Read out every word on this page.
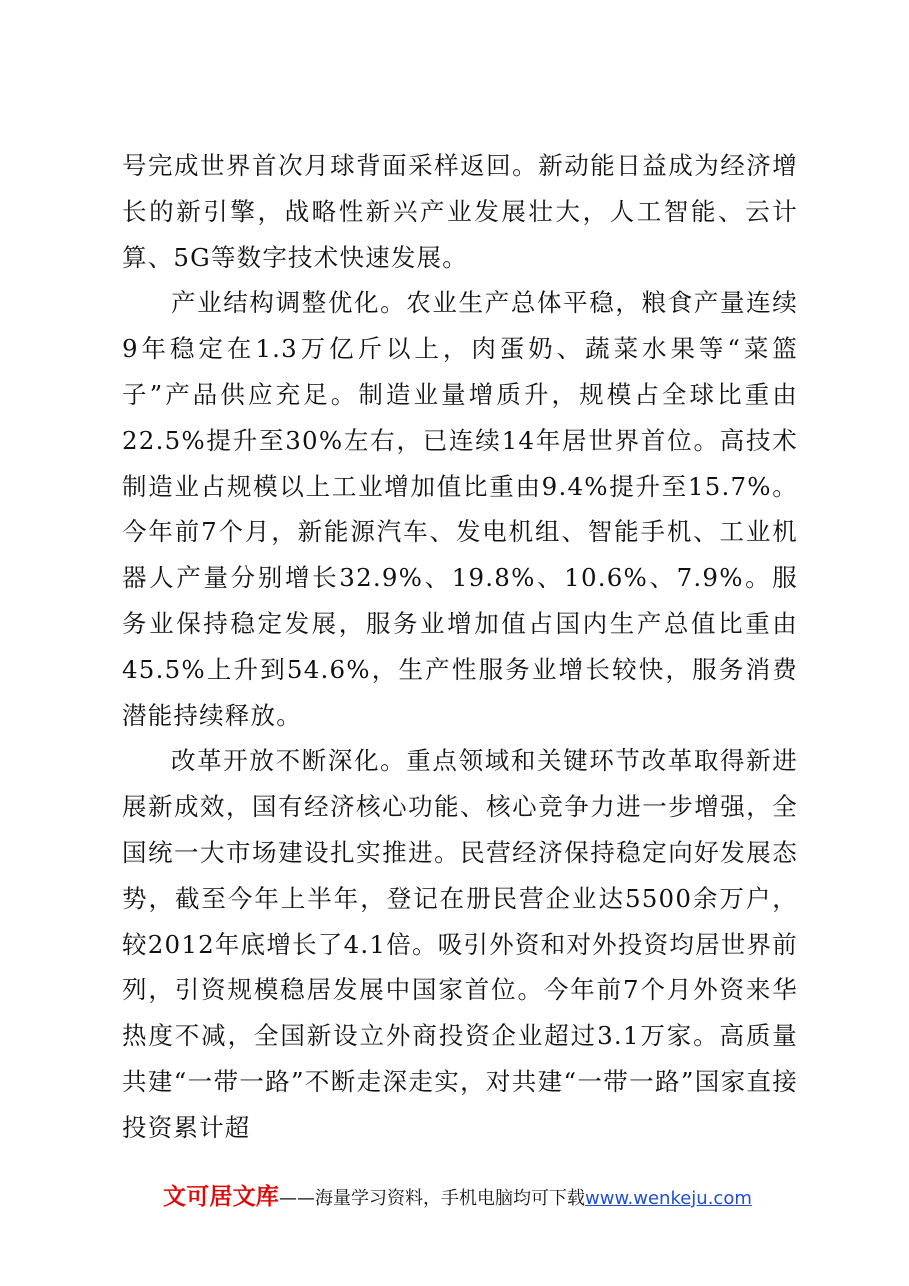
号完成世界首次月球背面采样返回。新动能日益成为经济增长的新引擎，战略性新兴产业发展壮大，人工智能、云计算、5G等数字技术快速发展。

产业结构调整优化。农业生产总体平稳，粮食产量连续9年稳定在1.3万亿斤以上，肉蛋奶、蔬菜水果等“菜篮子”产品供应充足。制造业量增质升，规模占全球比重由22.5%提升至30%左右，已连续14年居世界首位。高技术制造业占规模以上工业增加值比重由9.4%提升至15.7%。今年前7个月，新能源汽车、发电机组、智能手机、工业机器人产量分别增长32.9%、19.8%、10.6%、7.9%。服务业保持稳定发展，服务业增加值占国内生产总值比重由45.5%上升到54.6%，生产性服务业增长较快，服务消费潜能持续释放。

改革开放不断深化。重点领域和关键环节改革取得新进展新成效，国有经济核心功能、核心竞争力进一步增强，全国统一大市场建设扎实推进。民营经济保持稳定向好发展态势，截至今年上半年，登记在册民营企业达5500余万户，较2012年底增长了4.1倍。吸引外资和对外投资均居世界前列，引资规模稳居发展中国家首位。今年前7个月外资来华热度不减，全国新设立外商投资企业超过3.1万家。高质量共建“一带一路”不断走深走实，对共建“一带一路”国家直接投资累计超

文可居文库——海量学习资料，手机电脑均可下载www.wenkeju.com
